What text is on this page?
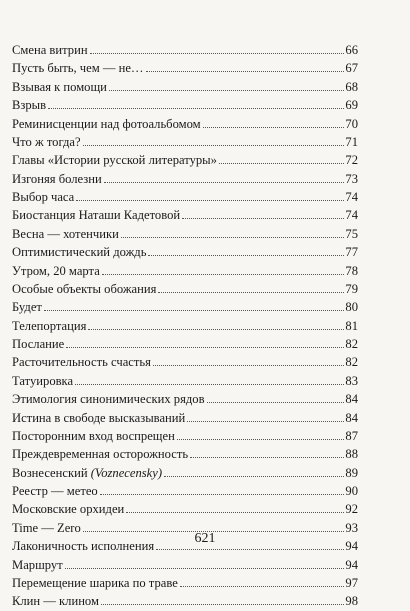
Смена витрин	66
Пусть быть, чем — не…	67
Взывая к помощи	68
Взрыв	69
Реминисценции над фотоальбомом	70
Что ж тогда?	71
Главы «Истории русской литературы»	72
Изгоняя болезни	73
Выбор часа	74
Биостанция Наташи Кадетовой	74
Весна — хотенчики	75
Оптимистический дождь	77
Утром, 20 марта	78
Особые объекты обожания	79
Будет	80
Телепортация	81
Послание	82
Расточительность счастья	82
Татуировка	83
Этимология синонимических рядов	84
Истина в свободе высказываний	84
Посторонним вход воспрещен	87
Преждевременная осторожность	88
Вознесенский (Voznecensky)	89
Реестр — метео	90
Московские орхидеи	92
Time — Zero	93
Лаконичность исполнения	94
Маршрут	94
Перемещение шарика по траве	97
Клин — клином	98
621
